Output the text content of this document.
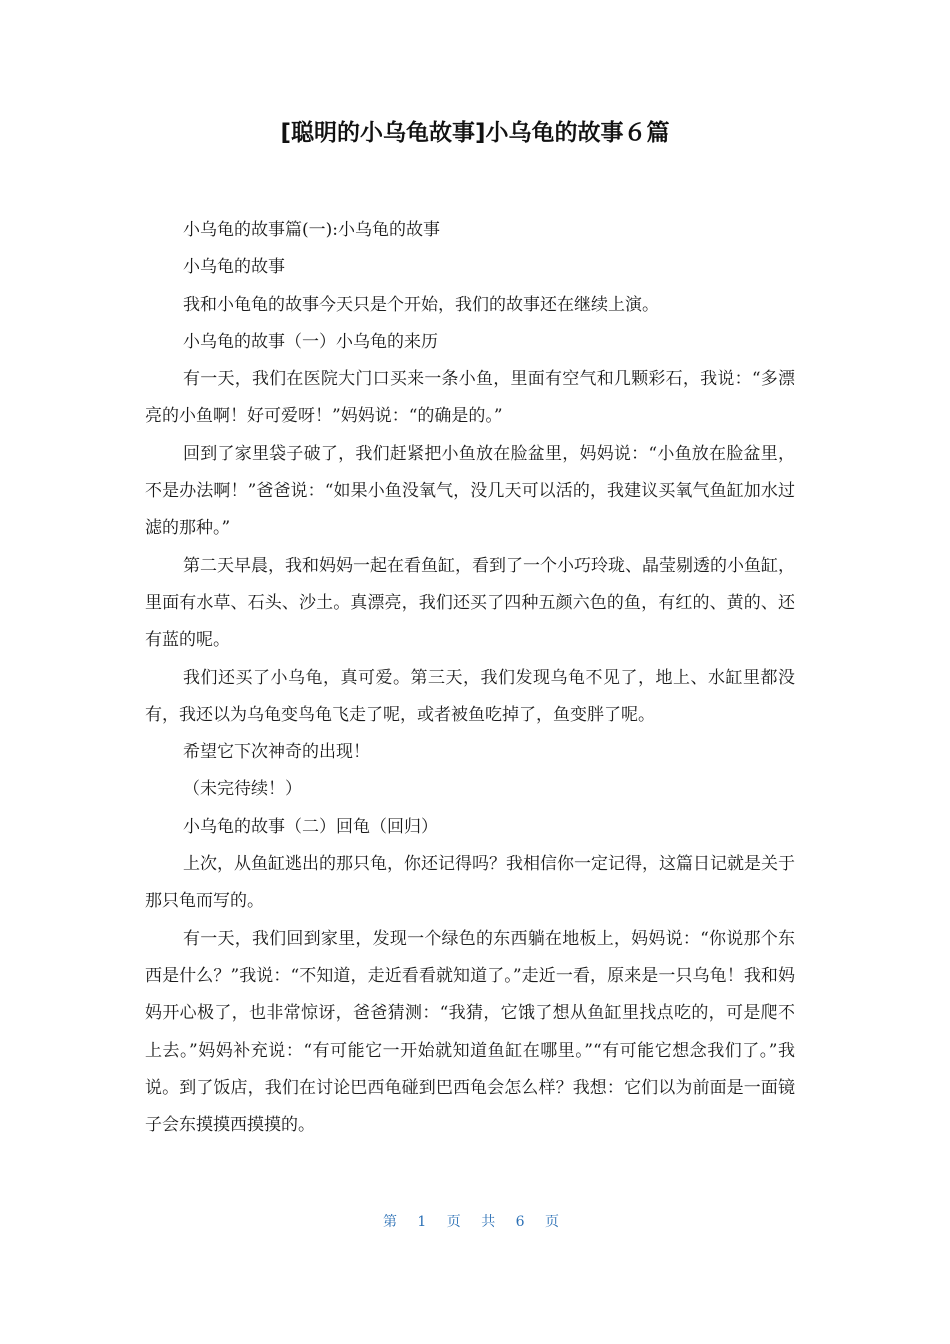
[聪明的小乌龟故事]小乌龟的故事６篇

小乌龟的故事篇(一):小乌龟的故事

小乌龟的故事

我和小龟龟的故事今天只是个开始，我们的故事还在继续上演。

小乌龟的故事（一）小乌龟的来历

有一天，我们在医院大门口买来一条小鱼，里面有空气和几颗彩石，我说：“多漂亮的小鱼啊！好可爱呀！”妈妈说：“的确是的。”

回到了家里袋子破了，我们赶紧把小鱼放在脸盆里，妈妈说：“小鱼放在脸盆里，不是办法啊！”爸爸说：“如果小鱼没氧气，没几天可以活的，我建议买氧气鱼缸加水过滤的那种。”

第二天早晨，我和妈妈一起在看鱼缸，看到了一个小巧玲珑、晶莹剔透的小鱼缸，里面有水草、石头、沙土。真漂亮，我们还买了四种五颜六色的鱼，有红的、黄的、还有蓝的呢。

我们还买了小乌龟，真可爱。第三天，我们发现乌龟不见了，地上、水缸里都没有，我还以为乌龟变鸟龟飞走了呢，或者被鱼吃掉了，鱼变胖了呢。

希望它下次神奇的出现！

（未完待续！）

小乌龟的故事（二）回龟（回归）

上次，从鱼缸逃出的那只龟，你还记得吗？我相信你一定记得，这篇日记就是关于那只龟而写的。

有一天，我们回到家里，发现一个绿色的东西躺在地板上，妈妈说：“你说那个东西是什么？”我说：“不知道，走近看看就知道了。”走近一看，原来是一只乌龟！我和妈妈开心极了，也非常惊讶，爸爸猜测：“我猜，它饿了想从鱼缸里找点吃的，可是爬不上去。”妈妈补充说：“有可能它一开始就知道鱼缸在哪里。”“有可能它想念我们了。”我说。到了饭店，我们在讨论巴西龟碰到巴西龟会怎么样？我想：它们以为前面是一面镜子会东摸摸西摸摸的。

第 1 页 共 6 页
